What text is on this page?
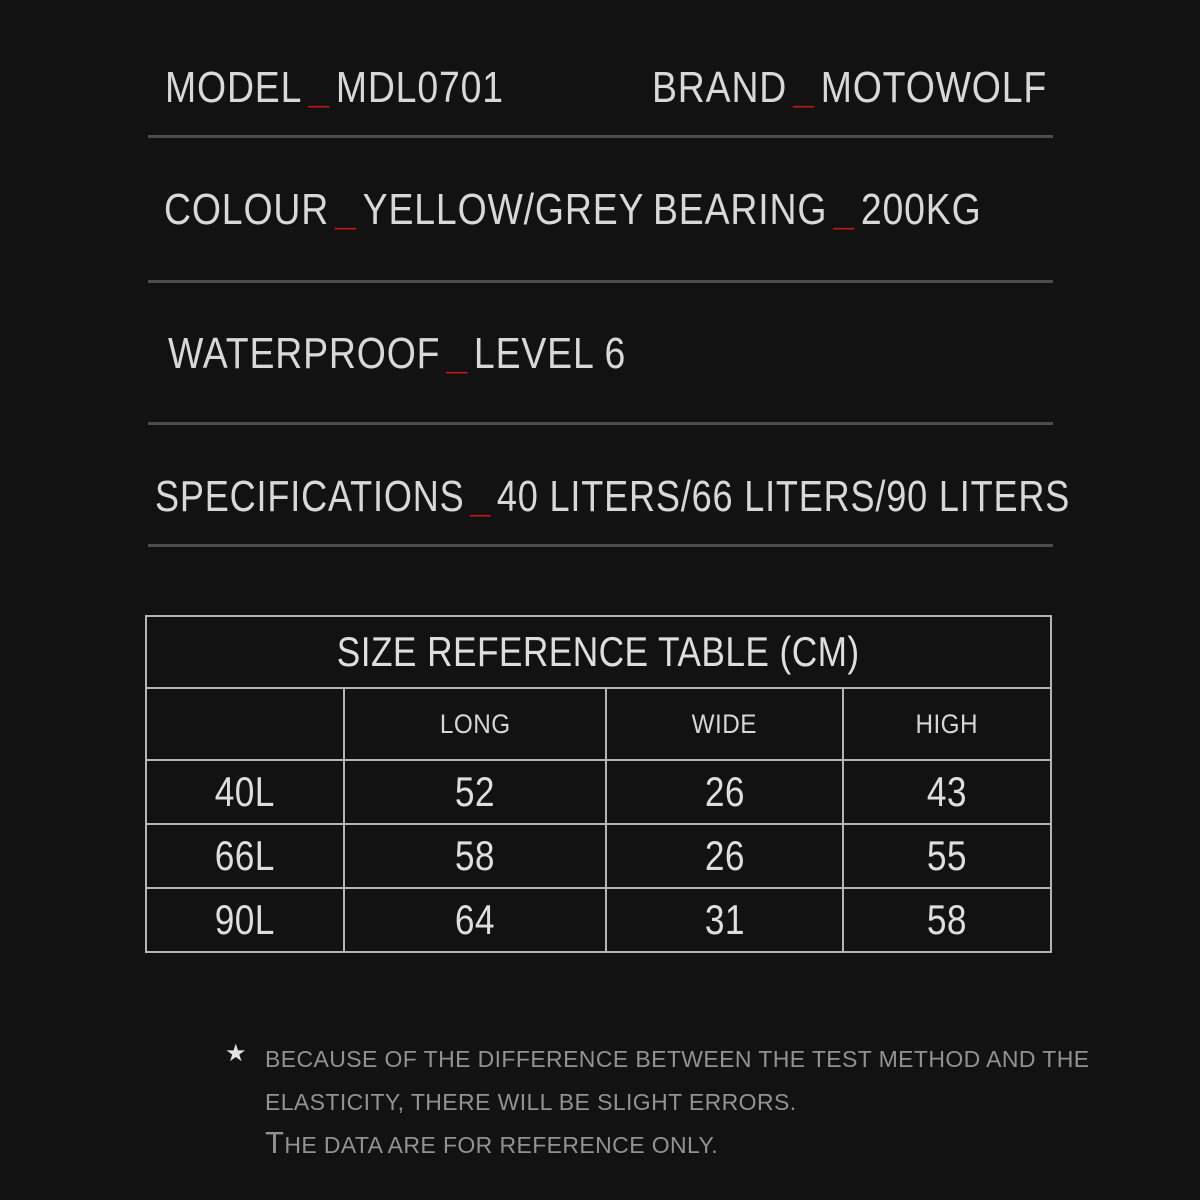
MODEL _ MDL0701	BRAND _ MOTOWOLF
COLOUR _ YELLOW/GREY BEARING _ 200KG
WATERPROOF _ LEVEL 6
SPECIFICATIONS _ 40 LITERS/66 LITERS/90 LITERS
SIZE REFERENCE TABLE (CM)			
	LONG	WIDE	HIGH
40L	52	26	43
66L	58	26	55
90L	64	31	58
★ BECAUSE OF THE DIFFERENCE BETWEEN THE TEST METHOD AND THE
ELASTICITY, THERE WILL BE SLIGHT ERRORS.
THE DATA ARE FOR REFERENCE ONLY.
